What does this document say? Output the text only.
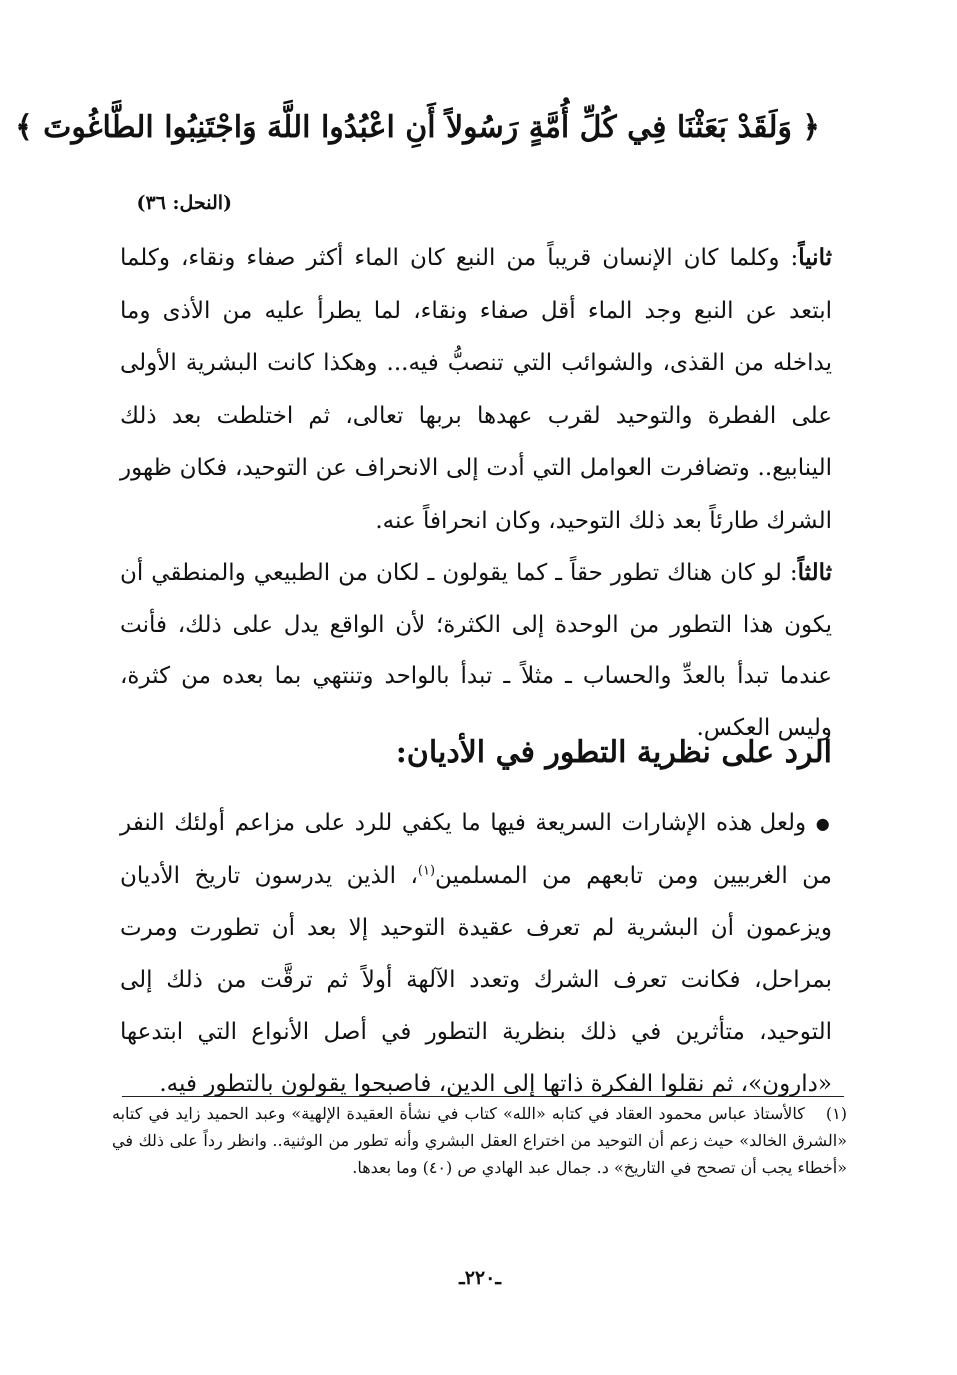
﴿ وَلَقَدْ بَعَثْنَا فِي كُلِّ أُمَّةٍ رَسُولاً أَنِ اعْبُدُوا اللَّهَ وَاجْتَنِبُوا الطَّاغُوتَ ﴾
(النحل: ٣٦)
ثانياً: وكلما كان الإنسان قريباً من النبع كان الماء أكثر صفاء ونقاء، وكلما ابتعد عن النبع وجد الماء أقل صفاء ونقاء، لما يطرأ عليه من الأذى وما يداخله من القذى، والشوائب التي تنصبُّ فيه... وهكذا كانت البشرية الأولى على الفطرة والتوحيد لقرب عهدها بربها تعالى، ثم اختلطت بعد ذلك الينابيع.. وتضافرت العوامل التي أدت إلى الانحراف عن التوحيد، فكان ظهور الشرك طارئاً بعد ذلك التوحيد، وكان انحرافاً عنه.
ثالثاً: لو كان هناك تطور حقاً ـ كما يقولون ـ لكان من الطبيعي والمنطقي أن يكون هذا التطور من الوحدة إلى الكثرة؛ لأن الواقع يدل على ذلك، فأنت عندما تبدأ بالعدِّ والحساب ـ مثلاً ـ تبدأ بالواحد وتنتهي بما بعده من كثرة، وليس العكس.
الرد على نظرية التطور في الأديان:
● ولعل هذه الإشارات السريعة فيها ما يكفي للرد على مزاعم أولئك النفر من الغربيين ومن تابعهم من المسلمين$^{(١)}$، الذين يدرسون تاريخ الأديان ويزعمون أن البشرية لم تعرف عقيدة التوحيد إلا بعد أن تطورت ومرت بمراحل، فكانت تعرف الشرك وتعدد الآلهة أولاً ثم ترقَّت من ذلك إلى التوحيد، متأثرين في ذلك بنظرية التطور في أصل الأنواع التي ابتدعها «دارون»، ثم نقلوا الفكرة ذاتها إلى الدين، فاصبحوا يقولون بالتطور فيه.
(١) كالأستاذ عباس محمود العقاد في كتابه «الله» كتاب في نشأة العقيدة الإلهية» وعبد الحميد زايد في كتابه «الشرق الخالد» حيث زعم أن التوحيد من اختراع العقل البشري وأنه تطور من الوثنية.. وانظر رداً على ذلك في «أخطاء يجب أن تصحح في التاريخ» د. جمال عبد الهادي ص (٤٠) وما بعدها.
ـ٢٢٠ـ
